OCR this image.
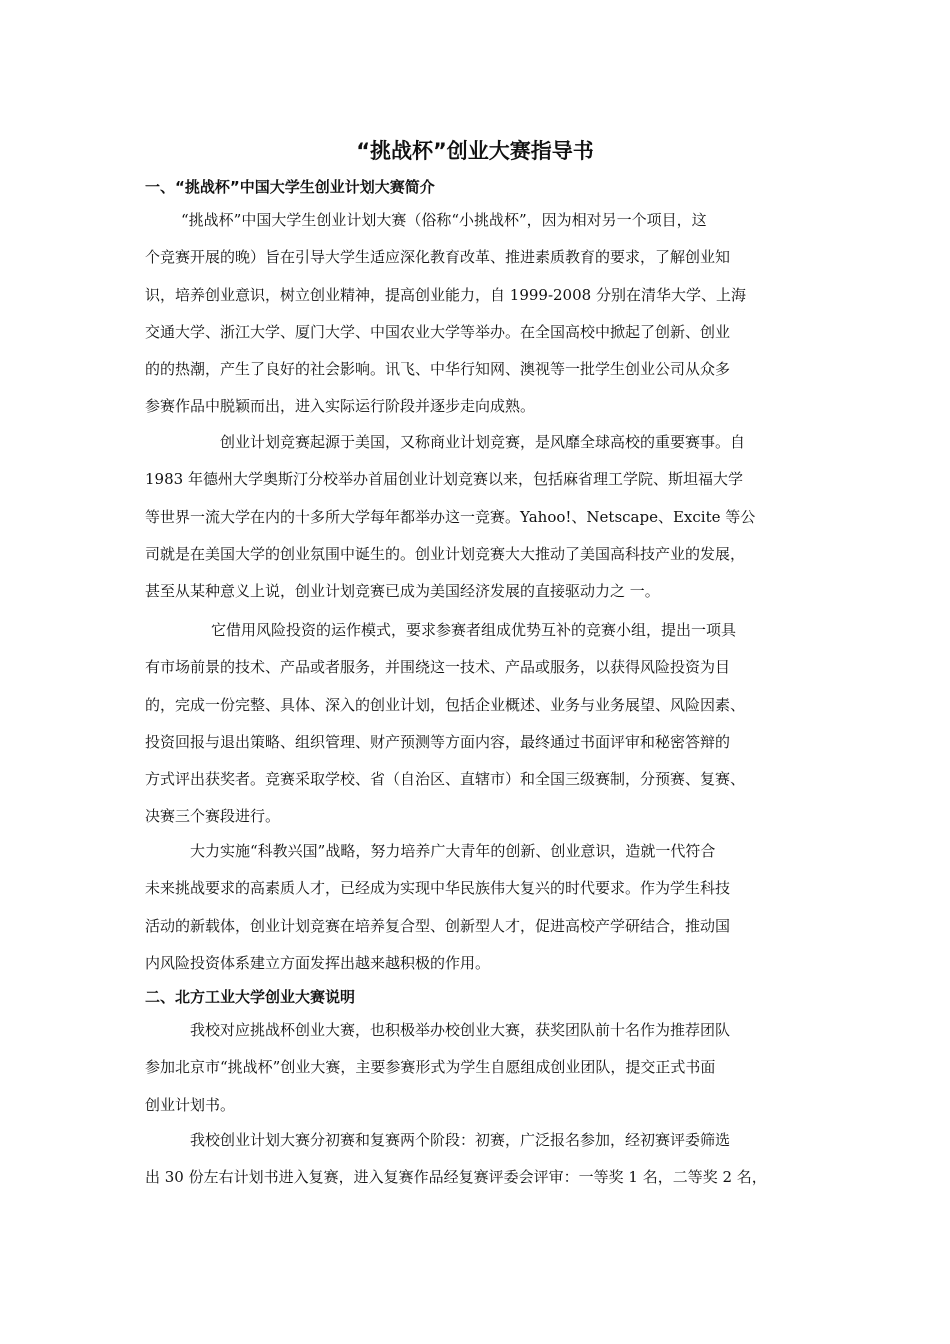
“挑战杯”创业大赛指导书
一、“挑战杯”中国大学生创业计划大赛简介
“挑战杯”中国大学生创业计划大赛（俗称“小挑战杯”，因为相对另一个项目，这
个竞赛开展的晚）旨在引导大学生适应深化教育改革、推进素质教育的要求，了解创业知
识，培养创业意识，树立创业精神，提高创业能力，自 1999-2008 分别在清华大学、上海
交通大学、浙江大学、厦门大学、中国农业大学等举办。在全国高校中掀起了创新、创业
的的热潮，产生了良好的社会影响。讯飞、中华行知网、澳视等一批学生创业公司从众多
参赛作品中脱颖而出，进入实际运行阶段并逐步走向成熟。
创业计划竞赛起源于美国，又称商业计划竞赛，是风靡全球高校的重要赛事。自
1983 年德州大学奥斯汀分校举办首届创业计划竞赛以来，包括麻省理工学院、斯坦福大学
等世界一流大学在内的十多所大学每年都举办这一竞赛。Yahoo!、Netscape、Excite 等公
司就是在美国大学的创业氛围中诞生的。创业计划竞赛大大推动了美国高科技产业的发展，
甚至从某种意义上说，创业计划竞赛已成为美国经济发展的直接驱动力之 一。
它借用风险投资的运作模式，要求参赛者组成优势互补的竞赛小组，提出一项具
有市场前景的技术、产品或者服务，并围绕这一技术、产品或服务，以获得风险投资为目
的，完成一份完整、具体、深入的创业计划，包括企业概述、业务与业务展望、风险因素、
投资回报与退出策略、组织管理、财产预测等方面内容，最终通过书面评审和秘密答辩的
方式评出获奖者。竞赛采取学校、省（自治区、直辖市）和全国三级赛制，分预赛、复赛、
决赛三个赛段进行。
大力实施“科教兴国”战略，努力培养广大青年的创新、创业意识，造就一代符合
未来挑战要求的高素质人才，已经成为实现中华民族伟大复兴的时代要求。作为学生科技
活动的新载体，创业计划竞赛在培养复合型、创新型人才，促进高校产学研结合，推动国
内风险投资体系建立方面发挥出越来越积极的作用。
二、北方工业大学创业大赛说明
我校对应挑战杯创业大赛，也积极举办校创业大赛，获奖团队前十名作为推荐团队
参加北京市“挑战杯”创业大赛，主要参赛形式为学生自愿组成创业团队，提交正式书面
创业计划书。
我校创业计划大赛分初赛和复赛两个阶段：初赛，广泛报名参加，经初赛评委筛选
出 30 份左右计划书进入复赛，进入复赛作品经复赛评委会评审：一等奖 1 名，二等奖 2 名，
